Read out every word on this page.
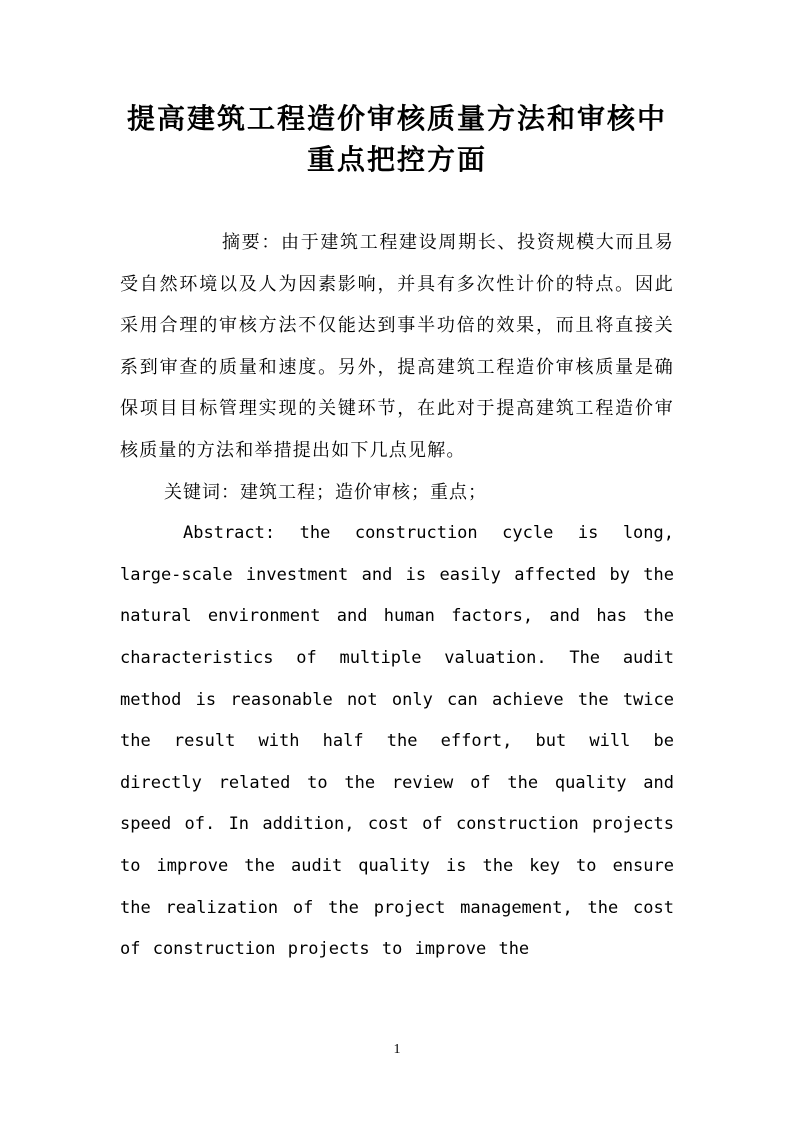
提高建筑工程造价审核质量方法和审核中
重点把控方面

摘要：由于建筑工程建设周期长、投资规模大而且易受自然环境以及人为因素影响，并具有多次性计价的特点。因此采用合理的审核方法不仅能达到事半功倍的效果，而且将直接关系到审查的质量和速度。另外，提高建筑工程造价审核质量是确保项目目标管理实现的关键环节，在此对于提高建筑工程造价审核质量的方法和举措提出如下几点见解。

关键词：建筑工程；造价审核；重点；

Abstract: the construction cycle is long, large-scale investment and is easily affected by the natural environment and human factors, and has the characteristics of multiple valuation. The audit method is reasonable not only can achieve the twice the result with half the effort, but will be directly related to the review of the quality and speed of. In addition, cost of construction projects to improve the audit quality is the key to ensure the realization of the project management, the cost of construction projects to improve the

1
